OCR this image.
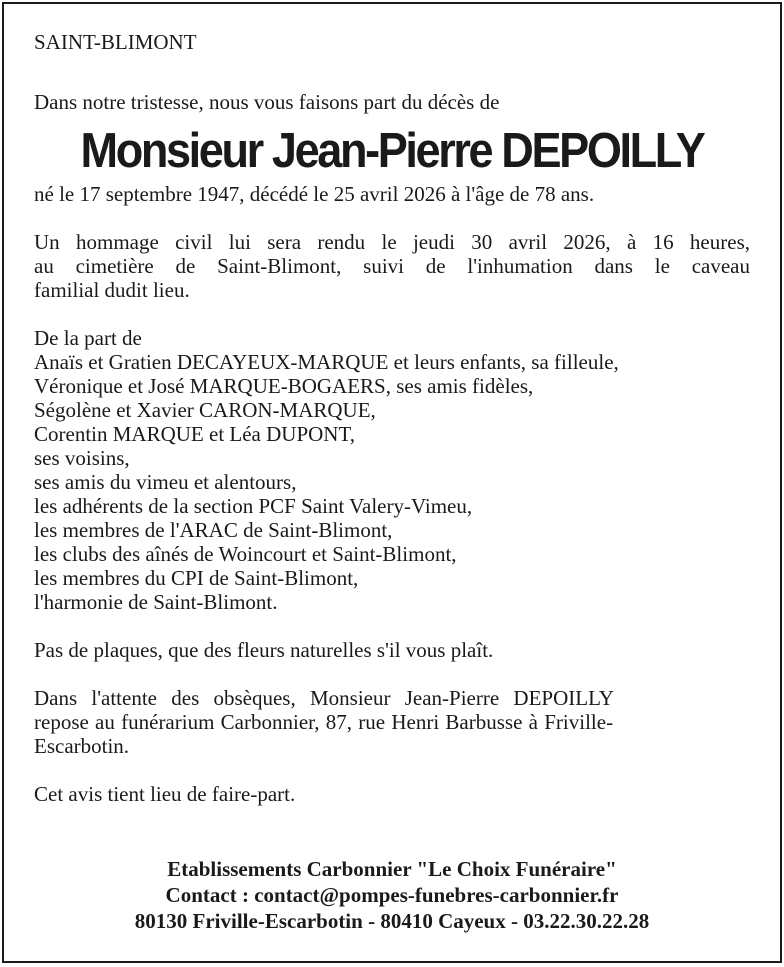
SAINT-BLIMONT

Dans notre tristesse, nous vous faisons part du décès de

Monsieur Jean-Pierre DEPOILLY

né le 17 septembre 1947, décédé le 25 avril 2026 à l'âge de 78 ans.

Un hommage civil lui sera rendu le jeudi 30 avril 2026, à 16 heures,
au cimetière de Saint-Blimont, suivi de l'inhumation dans le caveau
familial dudit lieu.
De la part de
Anaïs et Gratien DECAYEUX-MARQUE et leurs enfants, sa filleule,
Véronique et José MARQUE-BOGAERS, ses amis fidèles,
Ségolène et Xavier CARON-MARQUE,
Corentin MARQUE et Léa DUPONT,
ses voisins,
ses amis du vimeu et alentours,
les adhérents de la section PCF Saint Valery-Vimeu,
les membres de l'ARAC de Saint-Blimont,
les clubs des aînés de Woincourt et Saint-Blimont,
les membres du CPI de Saint-Blimont,
l'harmonie de Saint-Blimont.

Pas de plaques, que des fleurs naturelles s'il vous plaît.

Dans l'attente des obsèques, Monsieur Jean-Pierre DEPOILLY
repose au funérarium Carbonnier, 87, rue Henri Barbusse à Friville-
Escarbotin.

Cet avis tient lieu de faire-part.

Etablissements Carbonnier "Le Choix Funéraire"
Contact : contact@pompes-funebres-carbonnier.fr
80130 Friville-Escarbotin - 80410 Cayeux - 03.22.30.22.28
